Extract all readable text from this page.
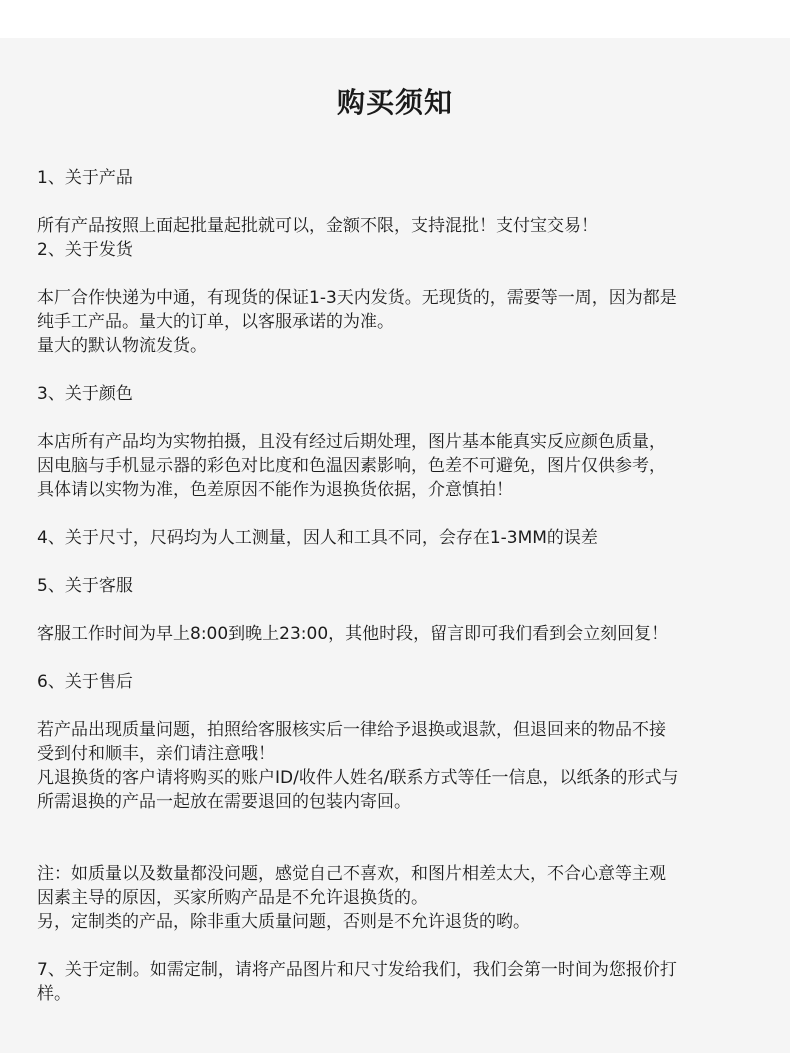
购买须知
1、关于产品
所有产品按照上面起批量起批就可以，金额不限，支持混批！支付宝交易！
2、关于发货
本厂合作快递为中通，有现货的保证1-3天内发货。无现货的，需要等一周，因为都是
纯手工产品。量大的订单，以客服承诺的为准。
量大的默认物流发货。
3、关于颜色
本店所有产品均为实物拍摄，且没有经过后期处理，图片基本能真实反应颜色质量，
因电脑与手机显示器的彩色对比度和色温因素影响，色差不可避免，图片仅供参考，
具体请以实物为准，色差原因不能作为退换货依据，介意慎拍！
4、关于尺寸，尺码均为人工测量，因人和工具不同，会存在1-3MM的误差
5、关于客服
客服工作时间为早上8:00到晚上23:00，其他时段，留言即可我们看到会立刻回复！
6、关于售后
若产品出现质量问题，拍照给客服核实后一律给予退换或退款，但退回来的物品不接
受到付和顺丰，亲们请注意哦！
凡退换货的客户请将购买的账户ID/收件人姓名/联系方式等任一信息，以纸条的形式与
所需退换的产品一起放在需要退回的包装内寄回。
注：如质量以及数量都没问题，感觉自己不喜欢，和图片相差太大，不合心意等主观
因素主导的原因，买家所购产品是不允许退换货的。
另，定制类的产品，除非重大质量问题，否则是不允许退货的哟。
7、关于定制。如需定制，请将产品图片和尺寸发给我们，我们会第一时间为您报价打
样。
